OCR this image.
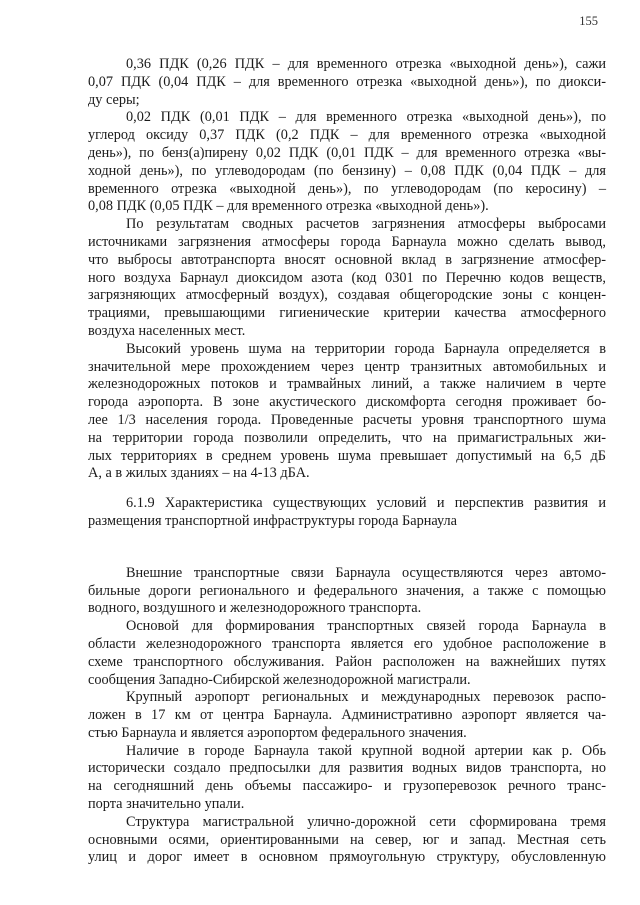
155
0,36 ПДК (0,26 ПДК – для временного отрезка «выходной день»), сажи
0,07 ПДК (0,04 ПДК – для временного отрезка «выходной день»), по диокси-
ду серы;
0,02 ПДК (0,01 ПДК – для временного отрезка «выходной день»), по
углерод оксиду 0,37 ПДК (0,2 ПДК – для временного отрезка «выходной
день»), по бенз(а)пирену 0,02 ПДК (0,01 ПДК – для временного отрезка «вы-
ходной день»), по углеводородам (по бензину) – 0,08 ПДК (0,04 ПДК – для
временного отрезка «выходной день»), по углеводородам (по керосину) –
0,08 ПДК (0,05 ПДК – для временного отрезка «выходной день»).
По результатам сводных расчетов загрязнения атмосферы выбросами
источниками загрязнения атмосферы города Барнаула можно сделать вывод,
что выбросы автотранспорта вносят основной вклад в загрязнение атмосфер-
ного воздуха Барнаул диоксидом азота (код 0301 по Перечню кодов веществ,
загрязняющих атмосферный воздух), создавая общегородские зоны с концен-
трациями, превышающими гигиенические критерии качества атмосферного
воздуха населенных мест.
Высокий уровень шума на территории города Барнаула определяется в
значительной мере прохождением через центр транзитных автомобильных и
железнодорожных потоков и трамвайных линий, а также наличием в черте
города аэропорта. В зоне акустического дискомфорта сегодня проживает бо-
лее 1/3 населения города. Проведенные расчеты уровня транспортного шума
на территории города позволили определить, что на примагистральных жи-
лых территориях в среднем уровень шума превышает допустимый на 6,5 дБ
А, а в жилых зданиях – на 4-13 дБА.
6.1.9 Характеристика существующих условий и перспектив развития и
размещения транспортной инфраструктуры города Барнаула
Внешние транспортные связи Барнаула осуществляются через автомо-
бильные дороги регионального и федерального значения, а также с помощью
водного, воздушного и железнодорожного транспорта.
Основой для формирования транспортных связей города Барнаула в
области железнодорожного транспорта является его удобное расположение в
схеме транспортного обслуживания. Район расположен на важнейших путях
сообщения Западно-Сибирской железнодорожной магистрали.
Крупный аэропорт региональных и международных перевозок распо-
ложен в 17 км от центра Барнаула. Административно аэропорт является ча-
стью Барнаула и является аэропортом федерального значения.
Наличие в городе Барнаула такой крупной водной артерии как р. Обь
исторически создало предпосылки для развития водных видов транспорта, но
на сегодняшний день объемы пассажиро- и грузоперевозок речного транс-
порта значительно упали.
Структура магистральной улично-дорожной сети сформирована тремя
основными осями, ориентированными на север, юг и запад. Местная сеть
улиц и дорог имеет в основном прямоугольную структуру, обусловленную
